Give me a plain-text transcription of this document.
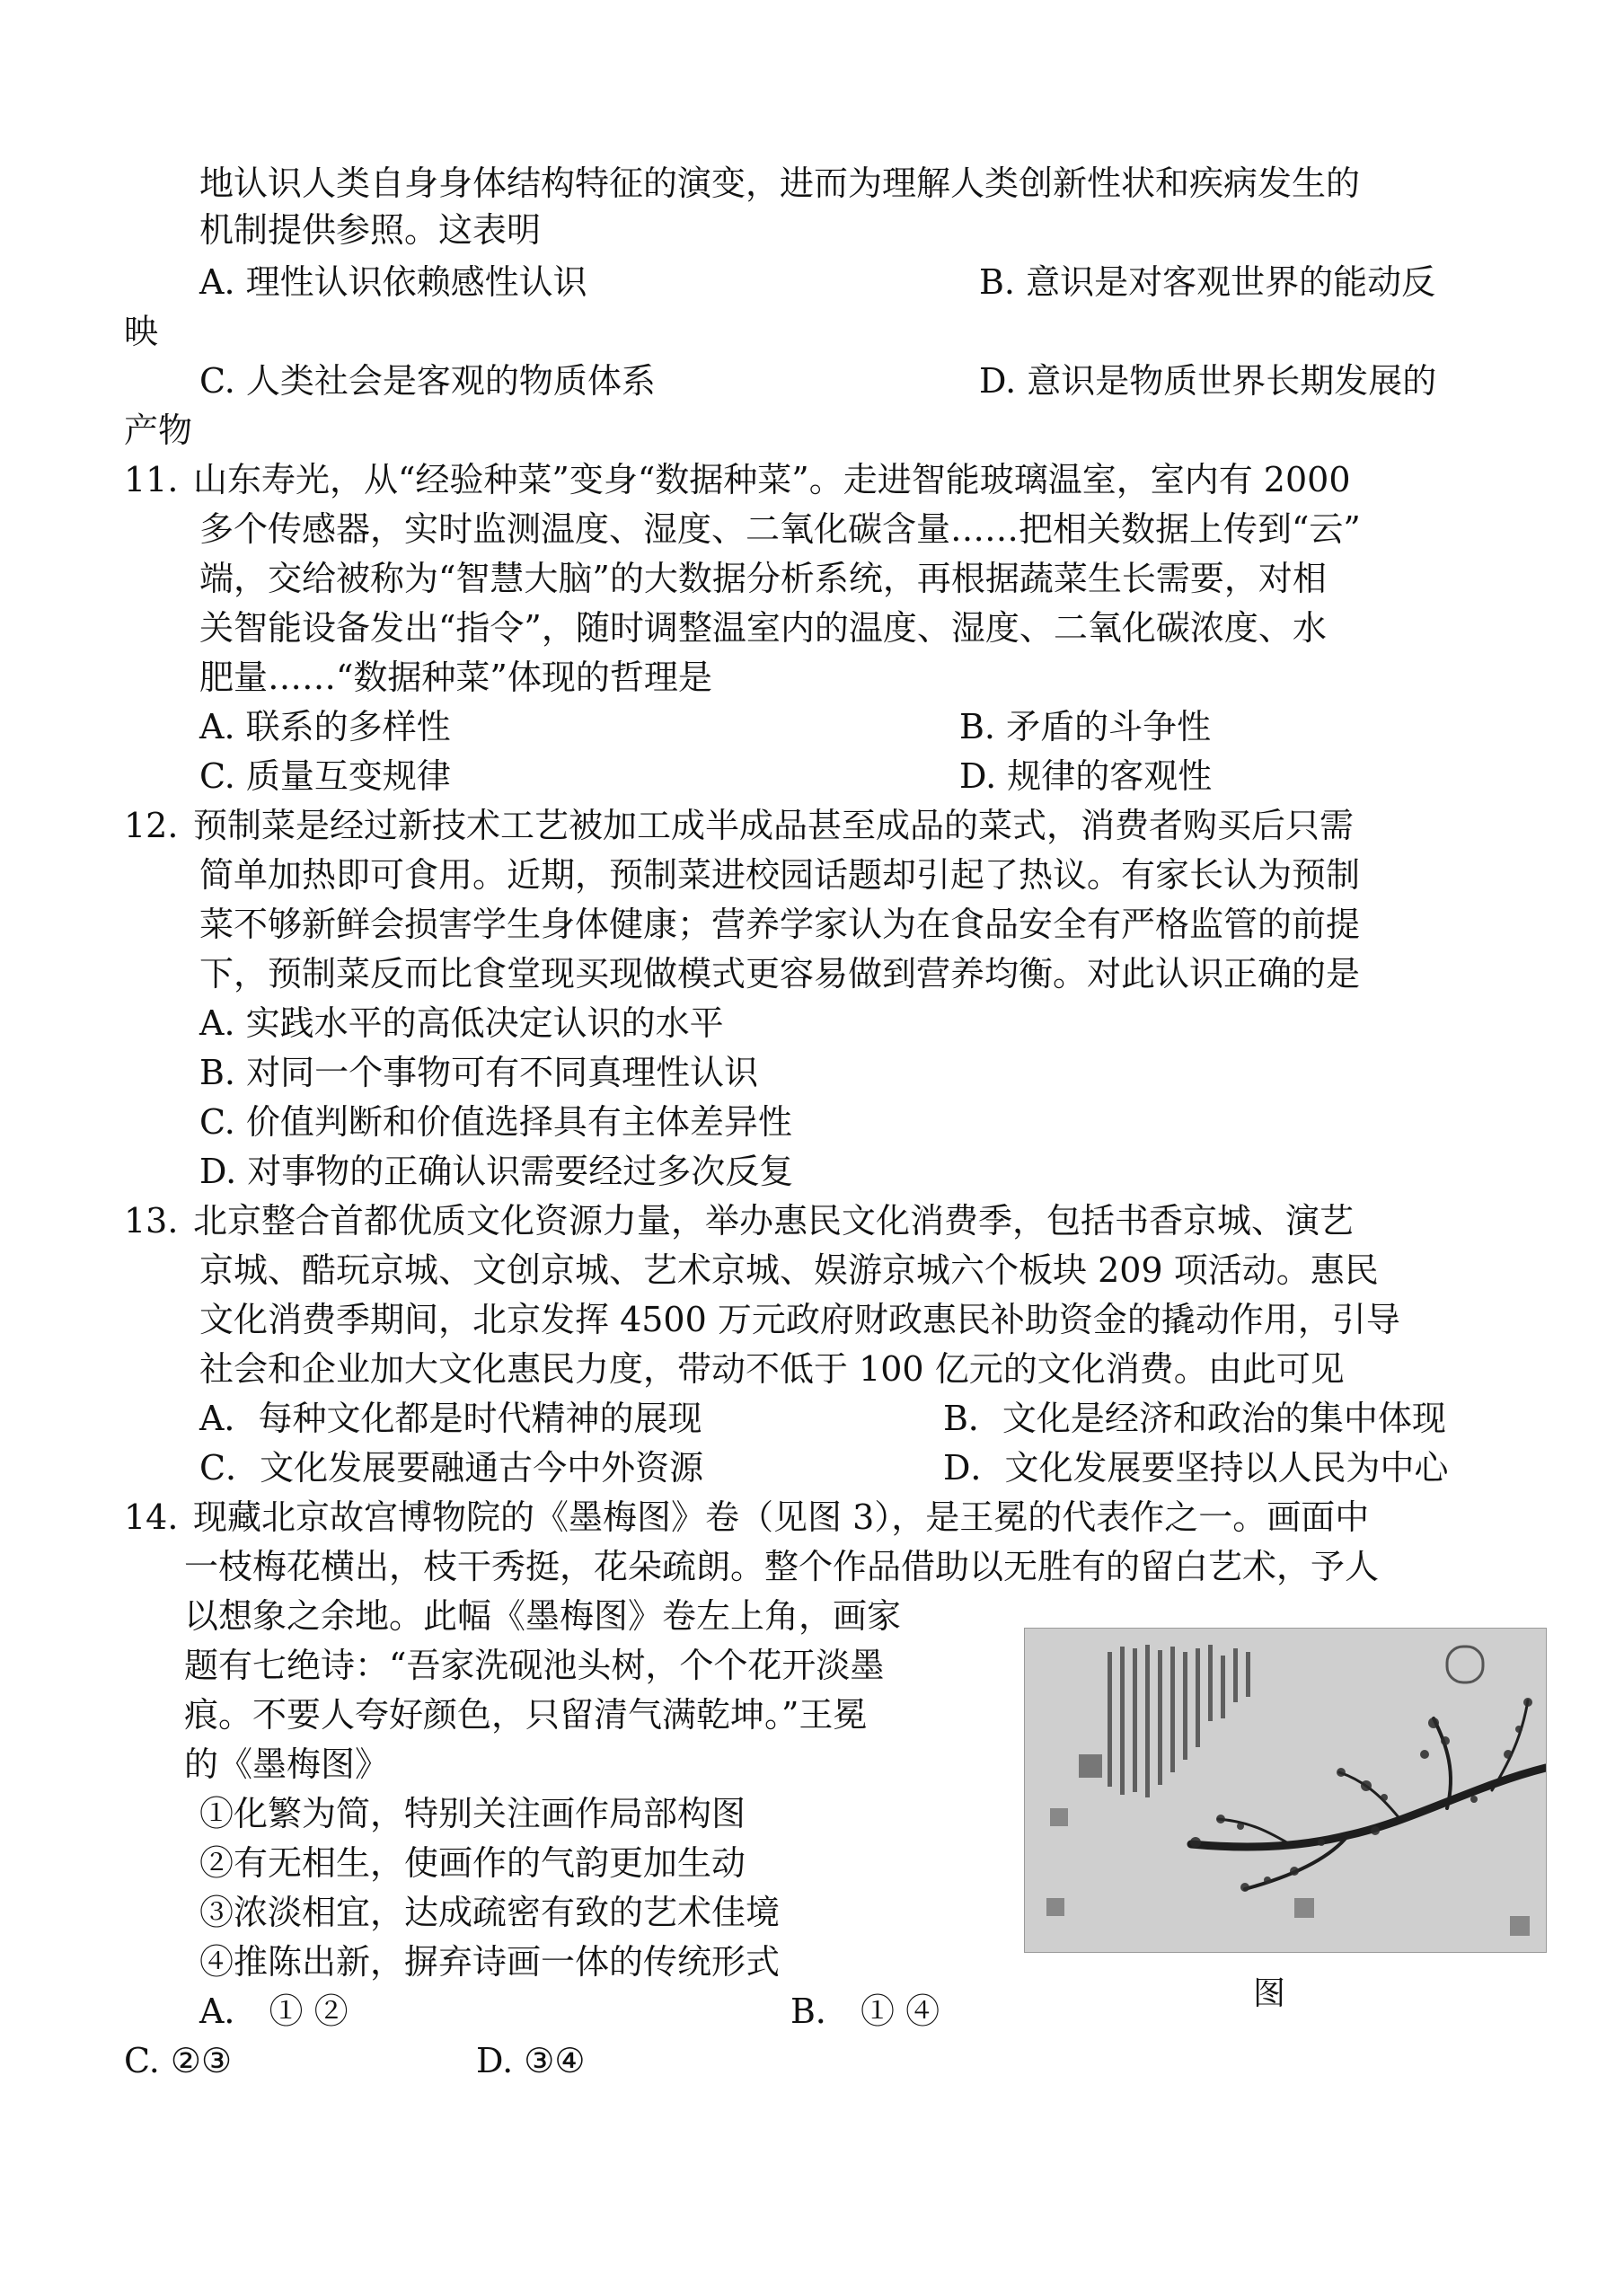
地认识人类自身身体结构特征的演变，进而为理解人类创新性状和疾病发生的
机制提供参照。这表明
A. 理性认识依赖感性认识	B. 意识是对客观世界的能动反
映
C. 人类社会是客观的物质体系	D. 意识是物质世界长期发展的
产物
11. 山东寿光，从“经验种菜”变身“数据种菜”。走进智能玻璃温室，室内有 2000
多个传感器，实时监测温度、湿度、二氧化碳含量……把相关数据上传到“云”
端，交给被称为“智慧大脑”的大数据分析系统，再根据蔬菜生长需要，对相
关智能设备发出“指令”，随时调整温室内的温度、湿度、二氧化碳浓度、水
肥量……“数据种菜”体现的哲理是
A. 联系的多样性	B. 矛盾的斗争性
C. 质量互变规律	D. 规律的客观性
12. 预制菜是经过新技术工艺被加工成半成品甚至成品的菜式，消费者购买后只需
简单加热即可食用。近期，预制菜进校园话题却引起了热议。有家长认为预制
菜不够新鲜会损害学生身体健康；营养学家认为在食品安全有严格监管的前提
下，预制菜反而比食堂现买现做模式更容易做到营养均衡。对此认识正确的是
A. 实践水平的高低决定认识的水平
B. 对同一个事物可有不同真理性认识
C. 价值判断和价值选择具有主体差异性
D. 对事物的正确认识需要经过多次反复
13. 北京整合首都优质文化资源力量，举办惠民文化消费季，包括书香京城、演艺
京城、酷玩京城、文创京城、艺术京城、娱游京城六个板块 209 项活动。惠民
文化消费季期间，北京发挥 4500 万元政府财政惠民补助资金的撬动作用，引导
社会和企业加大文化惠民力度，带动不低于 100 亿元的文化消费。由此可见
A．每种文化都是时代精神的展现	B．文化是经济和政治的集中体现
C．文化发展要融通古今中外资源	D．文化发展要坚持以人民为中心
14. 现藏北京故宫博物院的《墨梅图》卷（见图 3），是王冕的代表作之一。画面中
一枝梅花横出，枝干秀挺，花朵疏朗。整个作品借助以无胜有的留白艺术，予人
以想象之余地。此幅《墨梅图》卷左上角，画家
题有七绝诗：“吾家洗砚池头树，个个花开淡墨
痕。不要人夸好颜色，只留清气满乾坤。”王冕
的《墨梅图》
①化繁为简，特别关注画作局部构图
②有无相生，使画作的气韵更加生动
③浓淡相宜，达成疏密有致的艺术佳境
④推陈出新，摒弃诗画一体的传统形式
A． ① ②	B． ① ④
C. ②③	D. ③④
图
